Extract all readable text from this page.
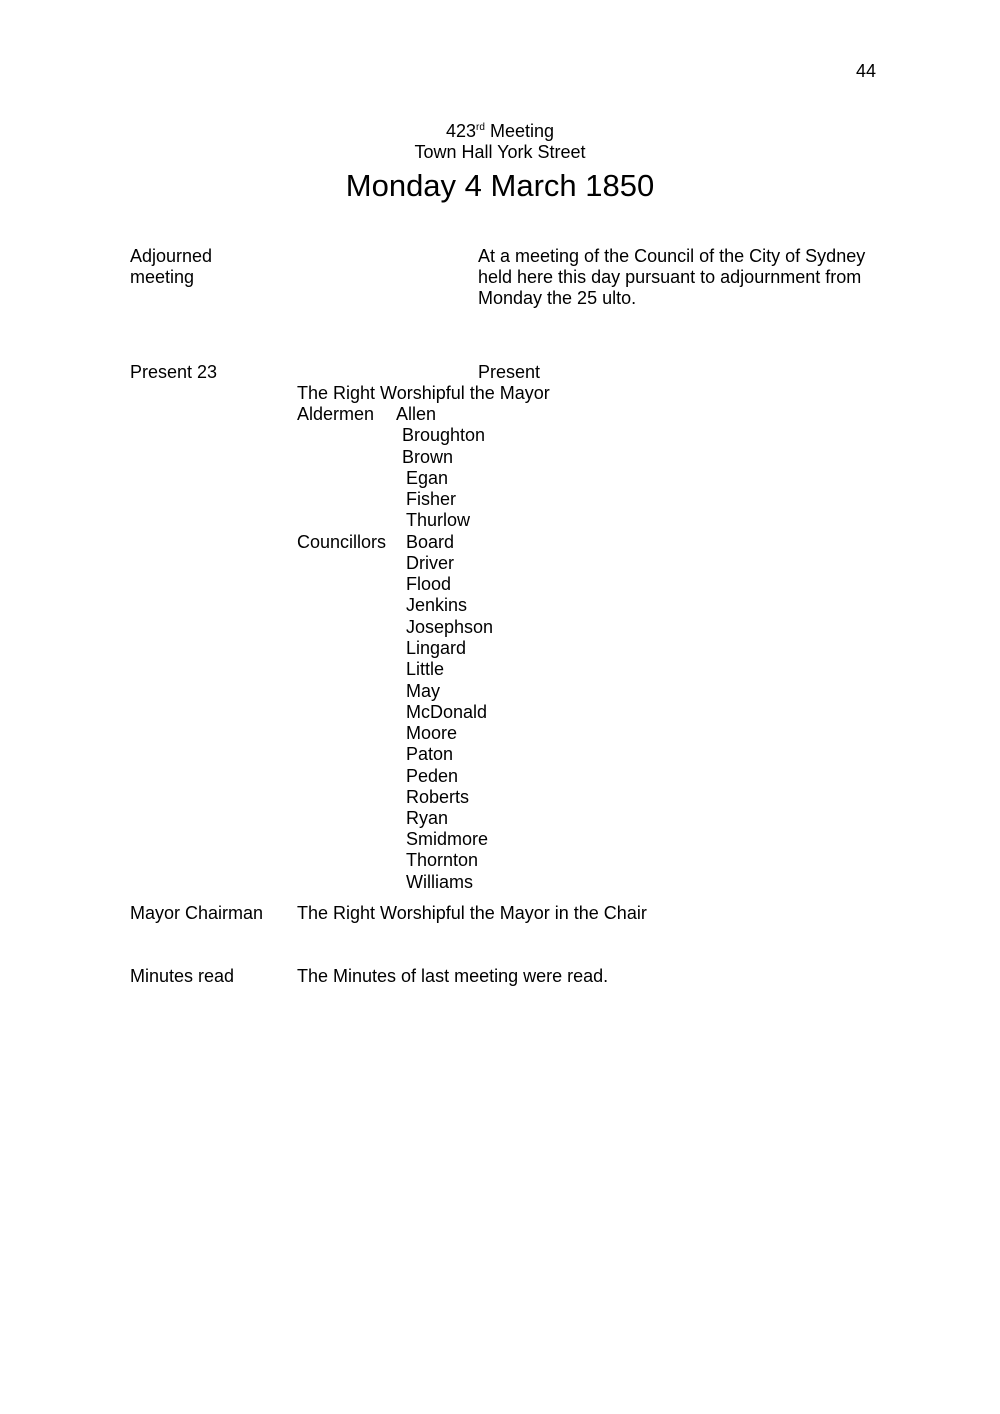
44
423rd Meeting
Town Hall York Street
Monday 4 March 1850
Adjourned
meeting
At a meeting of the Council of the City of Sydney
held here this day pursuant to adjournment from
Monday the 25 ulto.
Present 23	Present
The Right Worshipful the Mayor
Aldermen Allen
Broughton
Brown
Egan
Fisher
Thurlow
Councillors Board
Driver
Flood
Jenkins
Josephson
Lingard
Little
May
McDonald
Moore
Paton
Peden
Roberts
Ryan
Smidmore
Thornton
Williams
Mayor Chairman The Right Worshipful the Mayor in the Chair
Minutes read	The Minutes of last meeting were read.
